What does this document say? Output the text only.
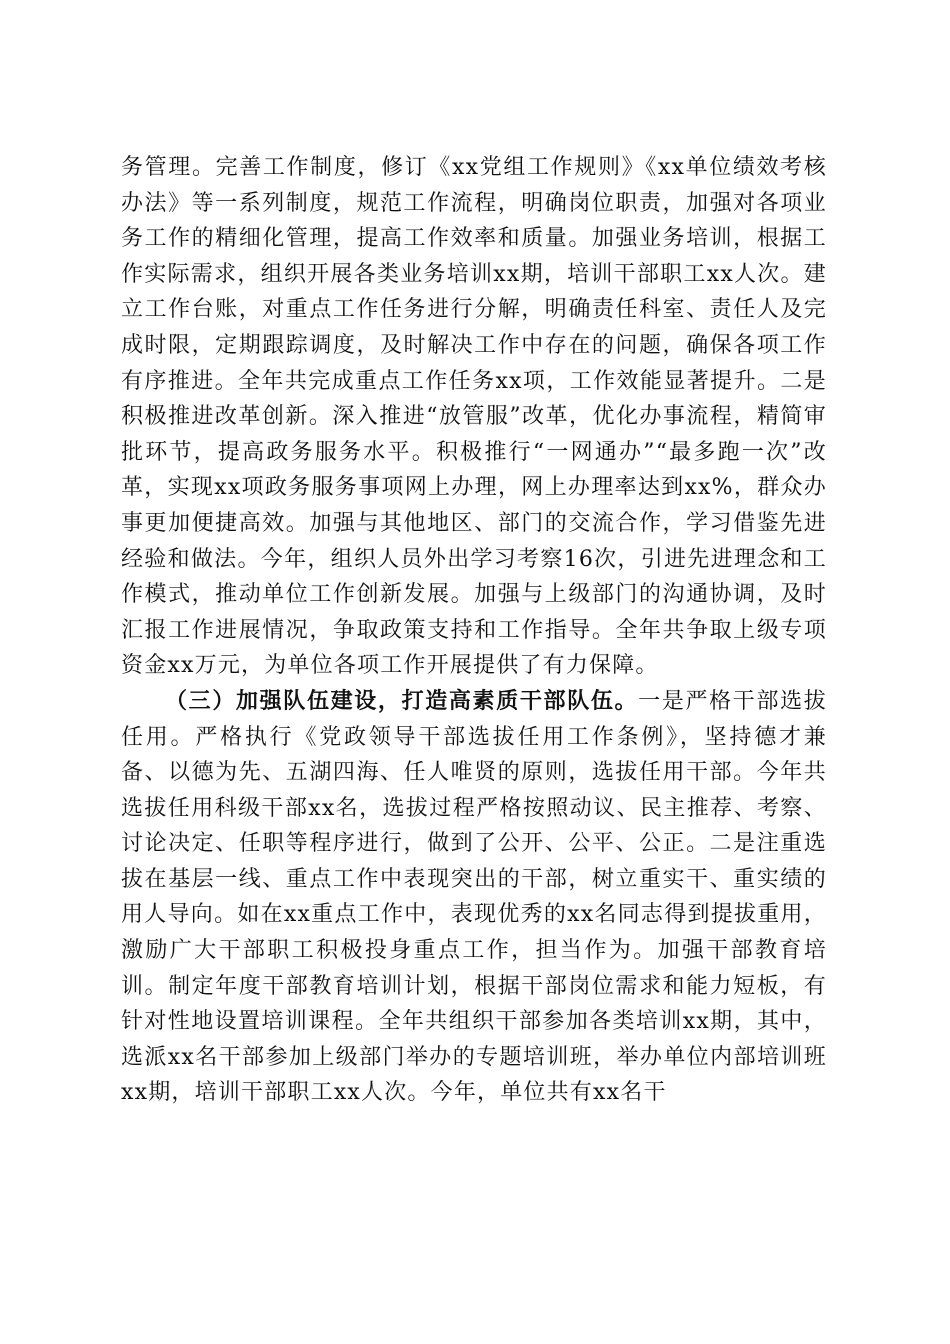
务管理。完善工作制度，修订《xx党组工作规则》《xx单位绩效考核办法》等一系列制度，规范工作流程，明确岗位职责，加强对各项业务工作的精细化管理，提高工作效率和质量。加强业务培训，根据工作实际需求，组织开展各类业务培训xx期，培训干部职工xx人次。建立工作台账，对重点工作任务进行分解，明确责任科室、责任人及完成时限，定期跟踪调度，及时解决工作中存在的问题，确保各项工作有序推进。全年共完成重点工作任务xx项，工作效能显著提升。二是积极推进改革创新。深入推进“放管服”改革，优化办事流程，精简审批环节，提高政务服务水平。积极推行“一网通办”“最多跑一次”改革，实现xx项政务服务事项网上办理，网上办理率达到xx%，群众办事更加便捷高效。加强与其他地区、部门的交流合作，学习借鉴先进经验和做法。今年，组织人员外出学习考察16次，引进先进理念和工作模式，推动单位工作创新发展。加强与上级部门的沟通协调，及时汇报工作进展情况，争取政策支持和工作指导。全年共争取上级专项资金xx万元，为单位各项工作开展提供了有力保障。

（三）加强队伍建设，打造高素质干部队伍。一是严格干部选拔任用。严格执行《党政领导干部选拔任用工作条例》，坚持德才兼备、以德为先、五湖四海、任人唯贤的原则，选拔任用干部。今年共选拔任用科级干部xx名，选拔过程严格按照动议、民主推荐、考察、讨论决定、任职等程序进行，做到了公开、公平、公正。二是注重选拔在基层一线、重点工作中表现突出的干部，树立重实干、重实绩的用人导向。如在xx重点工作中，表现优秀的xx名同志得到提拔重用，激励广大干部职工积极投身重点工作，担当作为。加强干部教育培训。制定年度干部教育培训计划，根据干部岗位需求和能力短板，有针对性地设置培训课程。全年共组织干部参加各类培训xx期，其中，选派xx名干部参加上级部门举办的专题培训班，举办单位内部培训班xx期，培训干部职工xx人次。今年，单位共有xx名干
